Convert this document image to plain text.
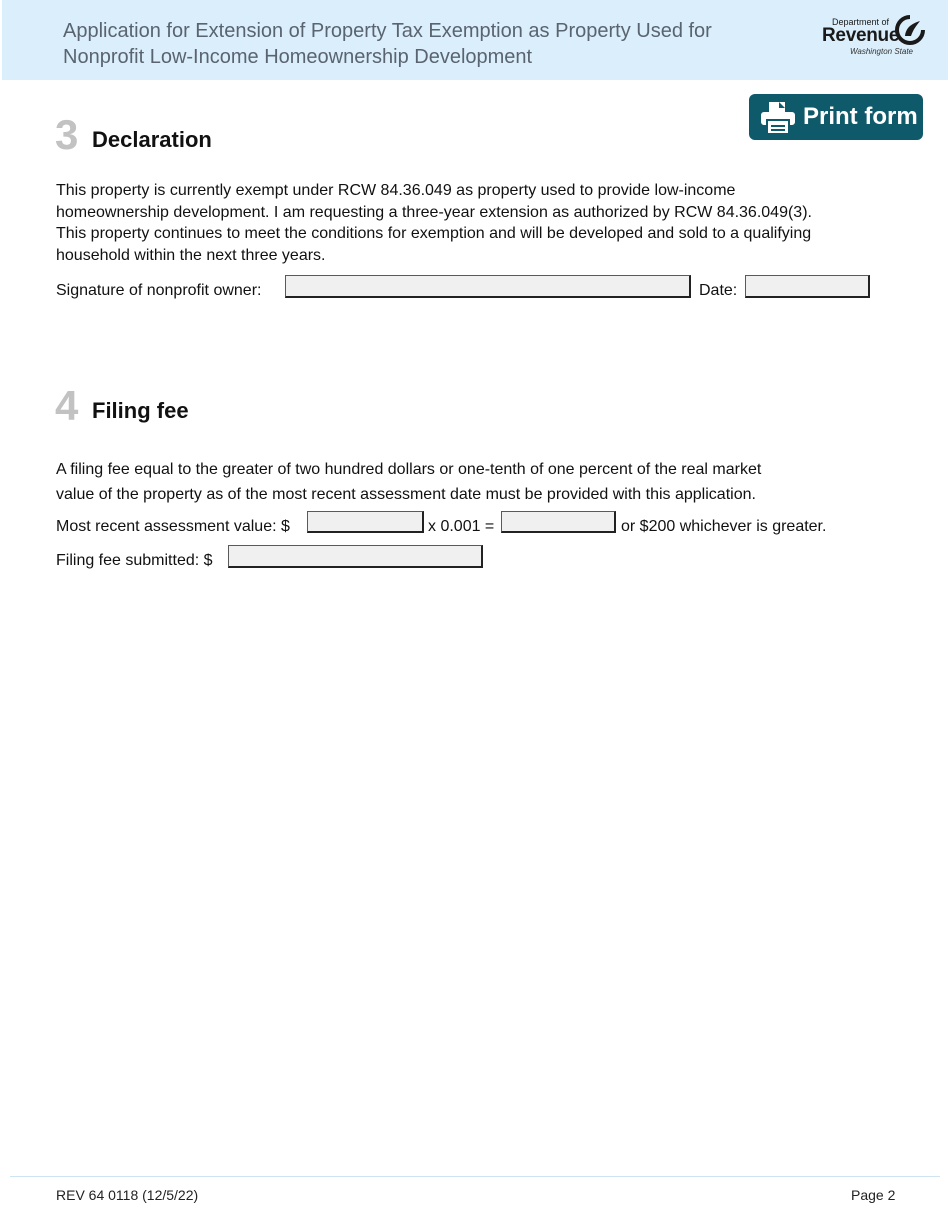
Application for Extension of Property Tax Exemption as Property Used for
Nonprofit Low-Income Homeownership Development
Department of
Revenue
Washington State
Print form
3 Declaration
This property is currently exempt under RCW 84.36.049 as property used to provide low-income
homeownership development. I am requesting a three-year extension as authorized by RCW 84.36.049(3).
This property continues to meet the conditions for exemption and will be developed and sold to a qualifying
household within the next three years.
Signature of nonprofit owner:	Date:
4 Filing fee
A filing fee equal to the greater of two hundred dollars or one-tenth of one percent of the real market
value of the property as of the most recent assessment date must be provided with this application.
Most recent assessment value: $	x 0.001 =	or $200 whichever is greater.
Filing fee submitted: $
REV 64 0118 (12/5/22)	Page 2
